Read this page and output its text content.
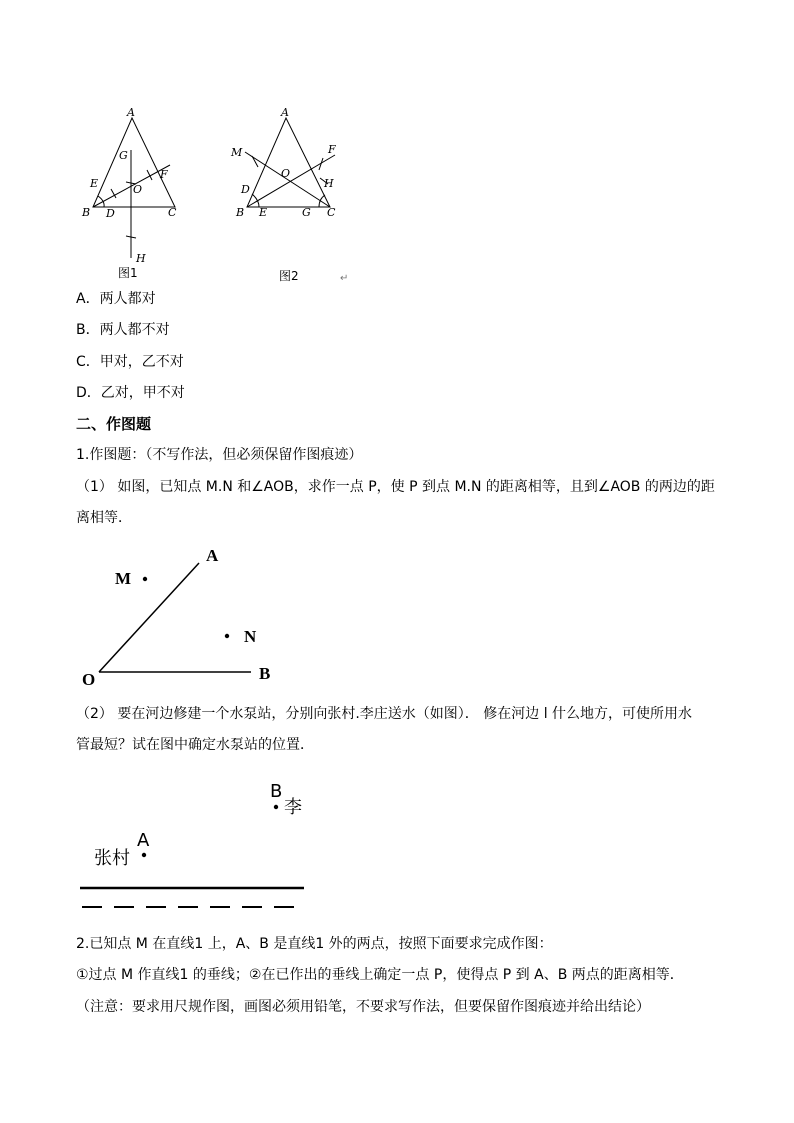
A
G
E	O
F
B D	C
H
A
M	F
O
D	H
B E	G C
图1	图2	↵
A．两人都对
B．两人都不对
C．甲对，乙不对
D．乙对，甲不对
二、作图题
1.作图题：（不写作法，但必须保留作图痕迹）
（1） 如图，已知点 M.N 和∠AOB，求作一点 P，使 P 到点 M.N 的距离相等，且到∠AOB 的两边的距
离相等．
A
M
N
O	B
（2） 要在河边修建一个水泵站，分别向张村.李庄送水（如图）． 修在河边 l 什么地方，可使所用水
管最短？试在图中确定水泵站的位置．
B
李
A
张村
2.已知点 M 在直线1 上，A、B 是直线1 外的两点，按照下面要求完成作图：
①过点 M 作直线1 的垂线；②在已作出的垂线上确定一点 P，使得点 P 到 A、B 两点的距离相等．
（注意：要求用尺规作图，画图必须用铅笔，不要求写作法，但要保留作图痕迹并给出结论）
